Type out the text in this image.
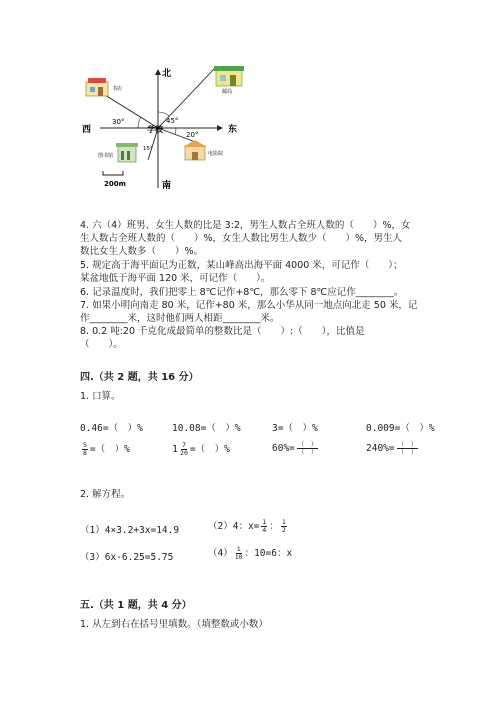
北
东
西
南
学校
30°	45°
20°
15°
书店	邮局
图书馆	电影院
200m
4. 六（4）班男、女生人数的比是 3:2，男生人数占全班人数的（　　）%，女
生人数占全班人数的（　　）%，女生人数比男生人数少（　　）%，男生人
数比女生人数多（　　）%。
5. 规定高于海平面记为正数，某山峰高出海平面 4000 米，可记作（　　）；
某盆地低于海平面 120 米，可记作（　　）。
6. 记录温度时，我们把零上 8℃记作+8℃，那么零下 8℃应记作________。
7. 如果小明向南走 80 米，记作+80 米，那么小华从同一地点向北走 50 米，记
作________米，这时他们两人相距________米。
8. 0.2 吨:20 千克化成最简单的整数比是（　　）:（　　），比值是
（　　）。
四.（共 2 题，共 16 分）
1. 口算。
0.46=（　）%	10.08=（　）%	3=（　）%	0.009=（　）%
$\frac{5}{8}$ =（　）%	$1 \frac{7}{20}$ =（　）%	$60\%= \frac{( )}{( )}$	$240\%= \frac{( )}{( )}$
2. 解方程。
（1）4×3.2+3x=14.9	（2）4：$x= \frac{1}{4}$ ： $\frac{1}{2}$
（3）6x-6.25=5.75	$(4) \frac{1}{10}$ ：10=6：x
五.（共 1 题，共 4 分）
1. 从左到右在括号里填数。（填整数或小数）
